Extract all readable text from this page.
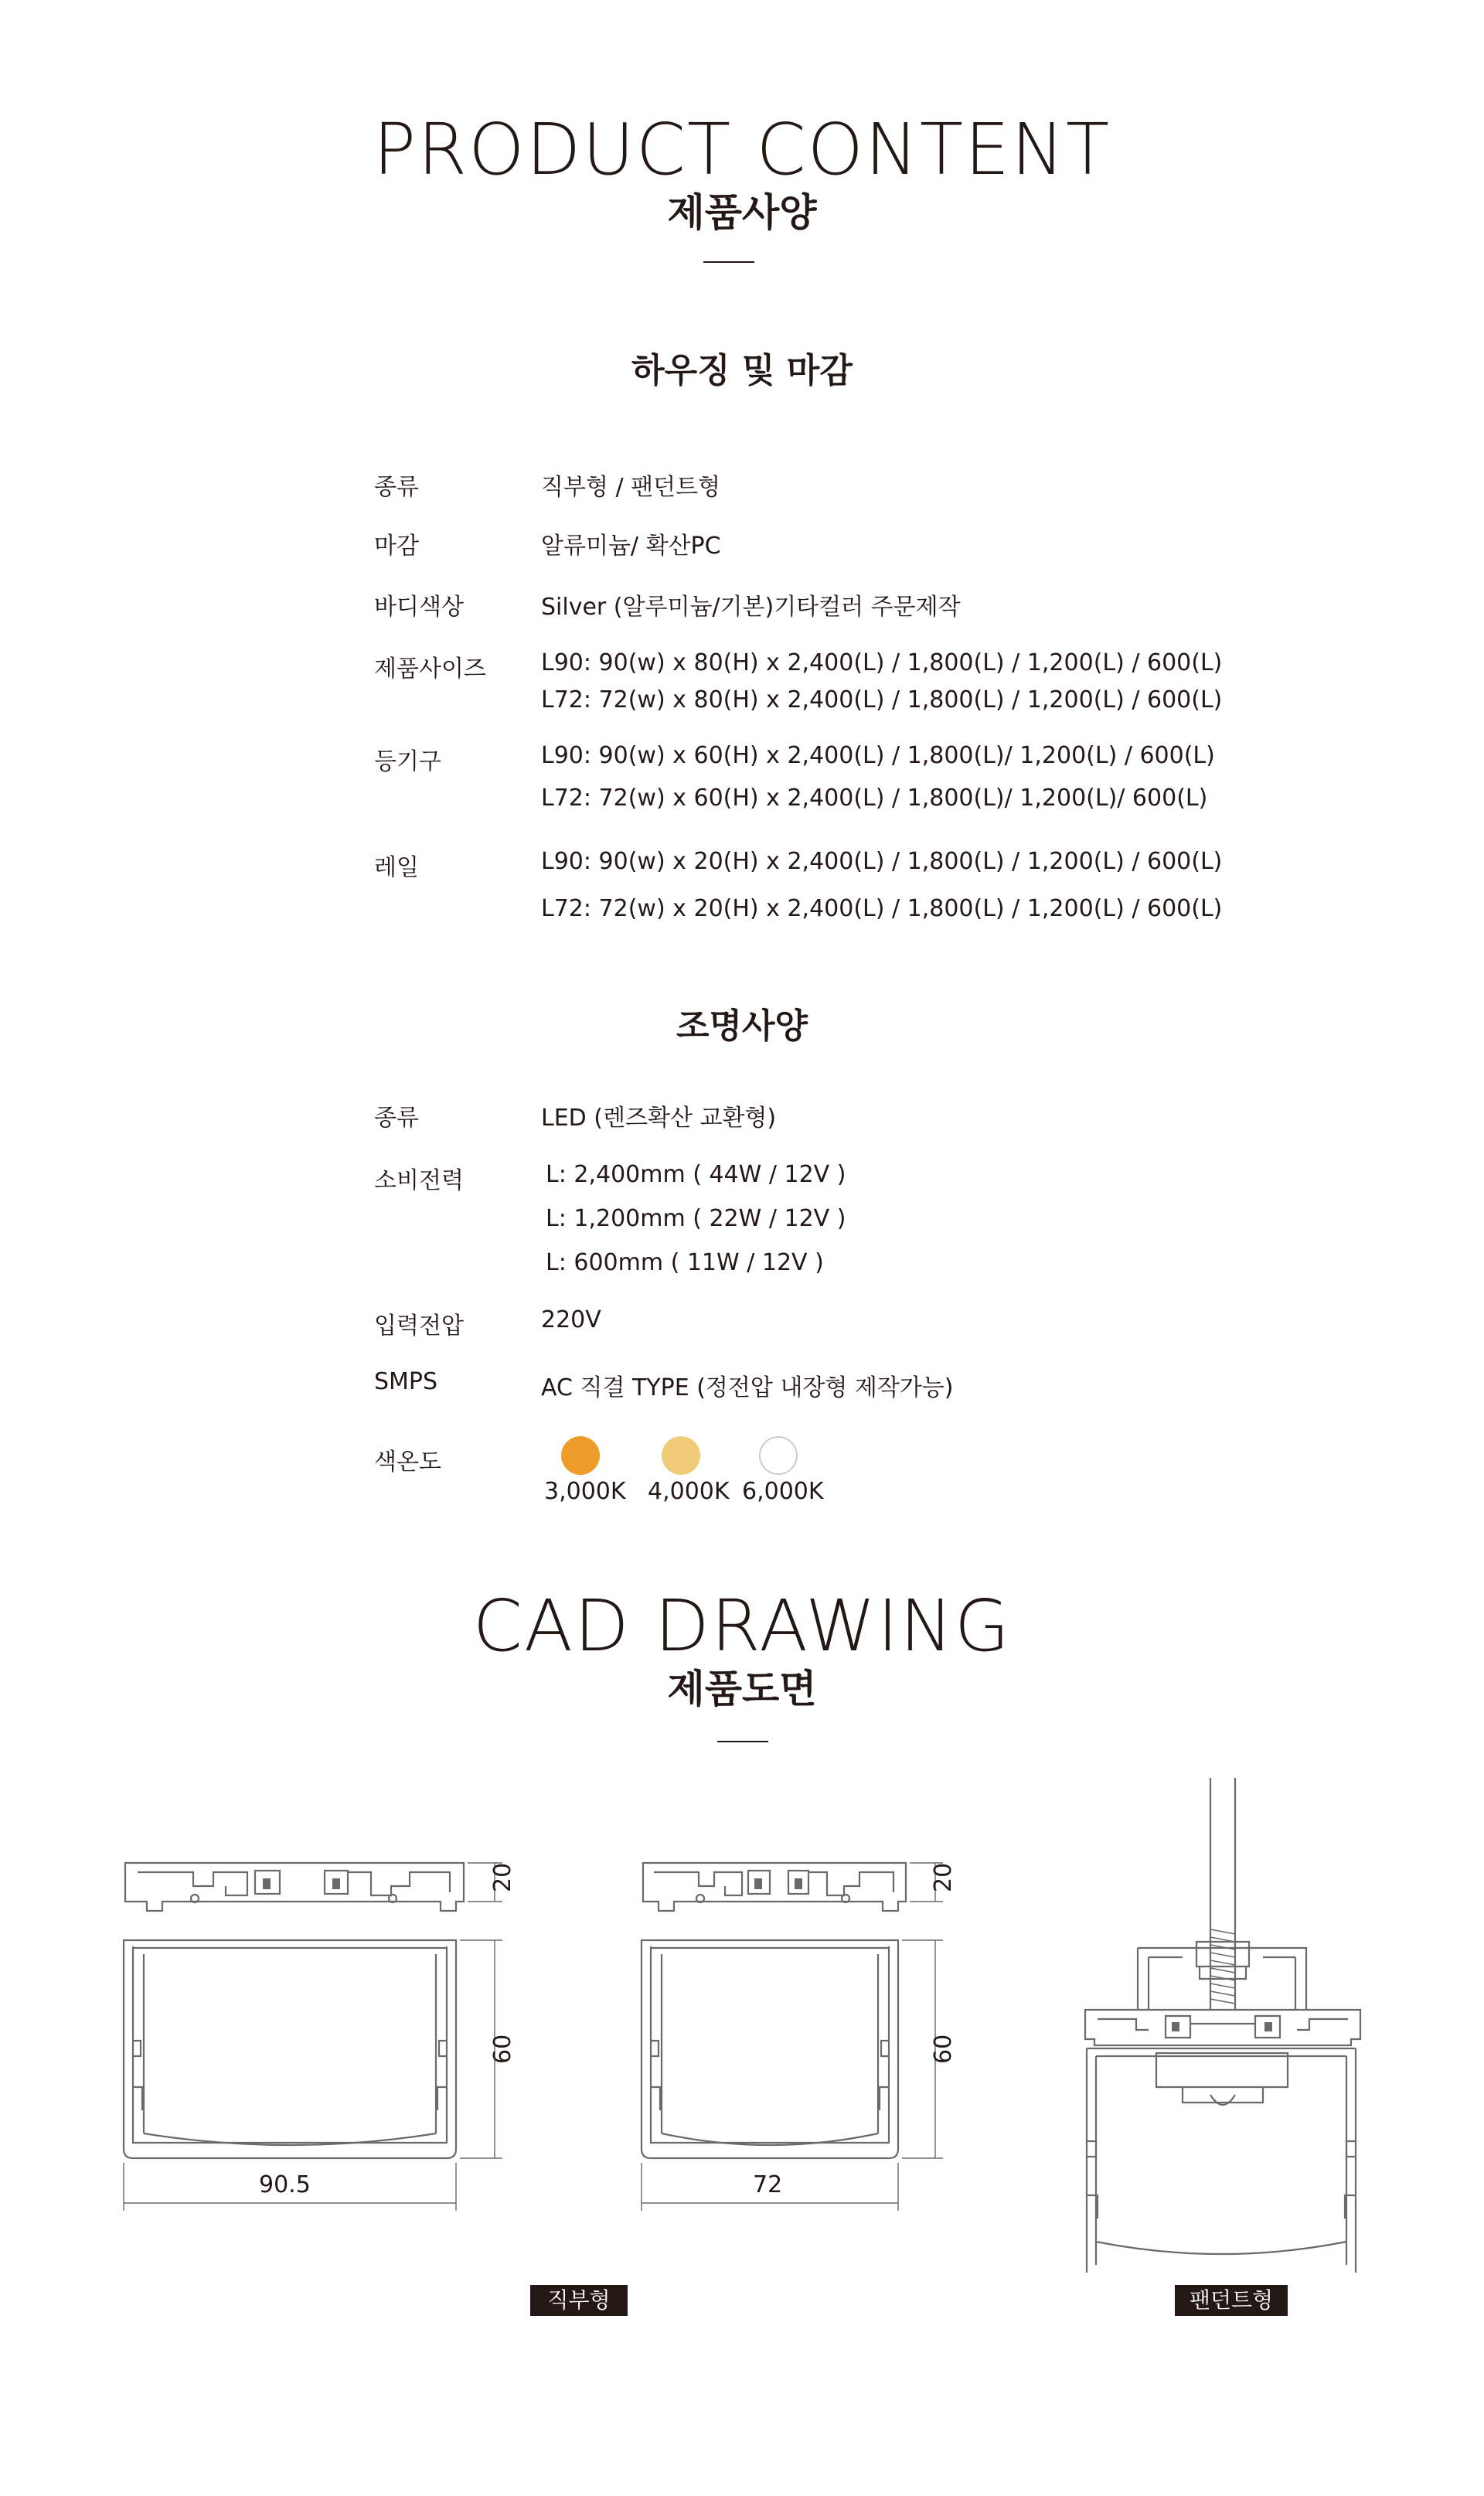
PRODUCT CONTENT
제품사양
하우징 및 마감
종류	직부형 / 팬던트형
마감	알류미늄/ 확산PC
바디색상	Silver (알루미늄/기본)기타컬러 주문제작
제품사이즈 L90: 90(w) x 80(H) x 2,400(L) / 1,800(L) / 1,200(L) / 600(L)
L72: 72(w) x 80(H) x 2,400(L) / 1,800(L) / 1,200(L) / 600(L)
등기구	L90: 90(w) x 60(H) x 2,400(L) / 1,800(L)/ 1,200(L) / 600(L)
L72: 72(w) x 60(H) x 2,400(L) / 1,800(L)/ 1,200(L)/ 600(L)
레일	L90: 90(w) x 20(H) x 2,400(L) / 1,800(L) / 1,200(L) / 600(L)
L72: 72(w) x 20(H) x 2,400(L) / 1,800(L) / 1,200(L) / 600(L)
조명사양
종류	LED (렌즈확산 교환형)
소비전력	L: 2,400mm ( 44W / 12V )
L: 1,200mm ( 22W / 12V )
L: 600mm ( 11W / 12V )
입력전압	220V
SMPS	AC 직결 TYPE (정전압 내장형 제작가능)
색온도
3,000K 4,000K 6,000K
CAD DRAWING
제품도면
20
60
90.5
20
60
72
직부형	팬던트형
